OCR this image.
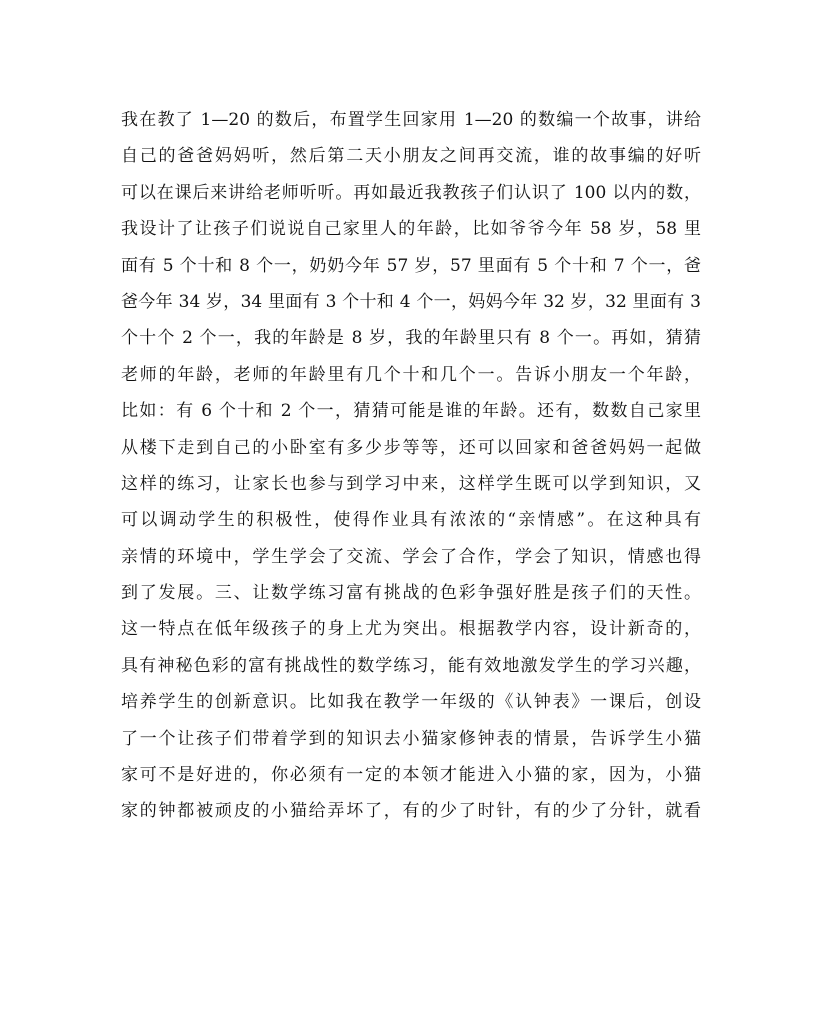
我在教了 1—20 的数后，布置学生回家用 1—20 的数编一个故事，讲给
自己的爸爸妈妈听，然后第二天小朋友之间再交流，谁的故事编的好听
可以在课后来讲给老师听听。再如最近我教孩子们认识了 100 以内的数，
我设计了让孩子们说说自己家里人的年龄，比如爷爷今年 58 岁，58 里
面有 5 个十和 8 个一，奶奶今年 57 岁，57 里面有 5 个十和 7 个一，爸
爸今年 34 岁，34 里面有 3 个十和 4 个一，妈妈今年 32 岁，32 里面有 3
个十个 2 个一，我的年龄是 8 岁，我的年龄里只有 8 个一。再如，猜猜
老师的年龄，老师的年龄里有几个十和几个一。告诉小朋友一个年龄，
比如：有 6 个十和 2 个一，猜猜可能是谁的年龄。还有，数数自己家里
从楼下走到自己的小卧室有多少步等等，还可以回家和爸爸妈妈一起做
这样的练习，让家长也参与到学习中来，这样学生既可以学到知识，又
可以调动学生的积极性，使得作业具有浓浓的“亲情感”。在这种具有
亲情的环境中，学生学会了交流、学会了合作，学会了知识，情感也得
到了发展。三、让数学练习富有挑战的色彩争强好胜是孩子们的天性。
这一特点在低年级孩子的身上尤为突出。根据教学内容，设计新奇的，
具有神秘色彩的富有挑战性的数学练习，能有效地激发学生的学习兴趣，
培养学生的创新意识。比如我在教学一年级的《认钟表》一课后，创设
了一个让孩子们带着学到的知识去小猫家修钟表的情景，告诉学生小猫
家可不是好进的，你必须有一定的本领才能进入小猫的家，因为，小猫
家的钟都被顽皮的小猫给弄坏了，有的少了时针，有的少了分针，就看
